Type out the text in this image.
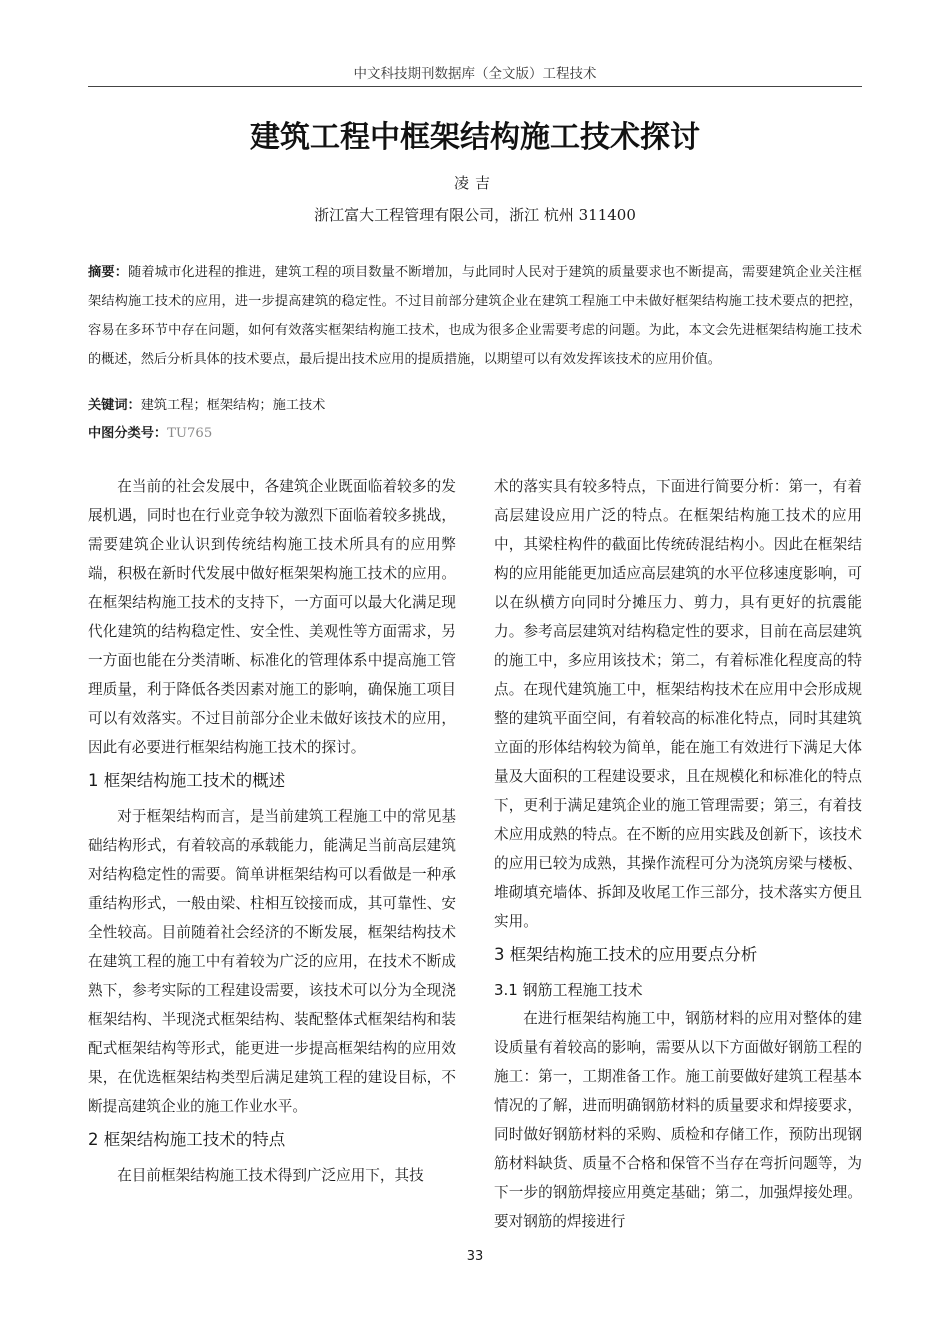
中文科技期刊数据库（全文版）工程技术
建筑工程中框架结构施工技术探讨
凌吉
浙江富大工程管理有限公司，浙江 杭州 311400
摘要：随着城市化进程的推进，建筑工程的项目数量不断增加，与此同时人民对于建筑的质量要求也不断提高，需要建筑企业关注框架结构施工技术的应用，进一步提高建筑的稳定性。不过目前部分建筑企业在建筑工程施工中未做好框架结构施工技术要点的把控，容易在多环节中存在问题，如何有效落实框架结构施工技术，也成为很多企业需要考虑的问题。为此，本文会先进框架结构施工技术的概述，然后分析具体的技术要点，最后提出技术应用的提质措施，以期望可以有效发挥该技术的应用价值。
关键词：建筑工程；框架结构；施工技术
中图分类号：TU765

在当前的社会发展中，各建筑企业既面临着较多的发展机遇，同时也在行业竞争较为激烈下面临着较多挑战，需要建筑企业认识到传统结构施工技术所具有的应用弊端，积极在新时代发展中做好框架架构施工技术的应用。在框架结构施工技术的支持下，一方面可以最大化满足现代化建筑的结构稳定性、安全性、美观性等方面需求，另一方面也能在分类清晰、标准化的管理体系中提高施工管理质量，利于降低各类因素对施工的影响，确保施工项目可以有效落实。不过目前部分企业未做好该技术的应用，因此有必要进行框架结构施工技术的探讨。

1 框架结构施工技术的概述

对于框架结构而言，是当前建筑工程施工中的常见基础结构形式，有着较高的承载能力，能满足当前高层建筑对结构稳定性的需要。简单讲框架结构可以看做是一种承重结构形式，一般由梁、柱相互铰接而成，其可靠性、安全性较高。目前随着社会经济的不断发展，框架结构技术在建筑工程的施工中有着较为广泛的应用，在技术不断成熟下，参考实际的工程建设需要，该技术可以分为全现浇框架结构、半现浇式框架结构、装配整体式框架结构和装配式框架结构等形式，能更进一步提高框架结构的应用效果，在优选框架结构类型后满足建筑工程的建设目标，不断提高建筑企业的施工作业水平。

2 框架结构施工技术的特点

在目前框架结构施工技术得到广泛应用下，其技

术的落实具有较多特点，下面进行简要分析：第一，有着高层建设应用广泛的特点。在框架结构施工技术的应用中，其梁柱构件的截面比传统砖混结构小。因此在框架结构的应用能能更加适应高层建筑的水平位移速度影响，可以在纵横方向同时分摊压力、剪力，具有更好的抗震能力。参考高层建筑对结构稳定性的要求，目前在高层建筑的施工中，多应用该技术；第二，有着标准化程度高的特点。在现代建筑施工中，框架结构技术在应用中会形成规整的建筑平面空间，有着较高的标准化特点，同时其建筑立面的形体结构较为简单，能在施工有效进行下满足大体量及大面积的工程建设要求，且在规模化和标准化的特点下，更利于满足建筑企业的施工管理需要；第三，有着技术应用成熟的特点。在不断的应用实践及创新下，该技术的应用已较为成熟，其操作流程可分为浇筑房梁与楼板、堆砌填充墙体、拆卸及收尾工作三部分，技术落实方便且实用。

3 框架结构施工技术的应用要点分析
3.1 钢筋工程施工技术

在进行框架结构施工中，钢筋材料的应用对整体的建设质量有着较高的影响，需要从以下方面做好钢筋工程的施工：第一，工期准备工作。施工前要做好建筑工程基本情况的了解，进而明确钢筋材料的质量要求和焊接要求，同时做好钢筋材料的采购、质检和存储工作，预防出现钢筋材料缺货、质量不合格和保管不当存在弯折问题等，为下一步的钢筋焊接应用奠定基础；第二，加强焊接处理。要对钢筋的焊接进行

33
